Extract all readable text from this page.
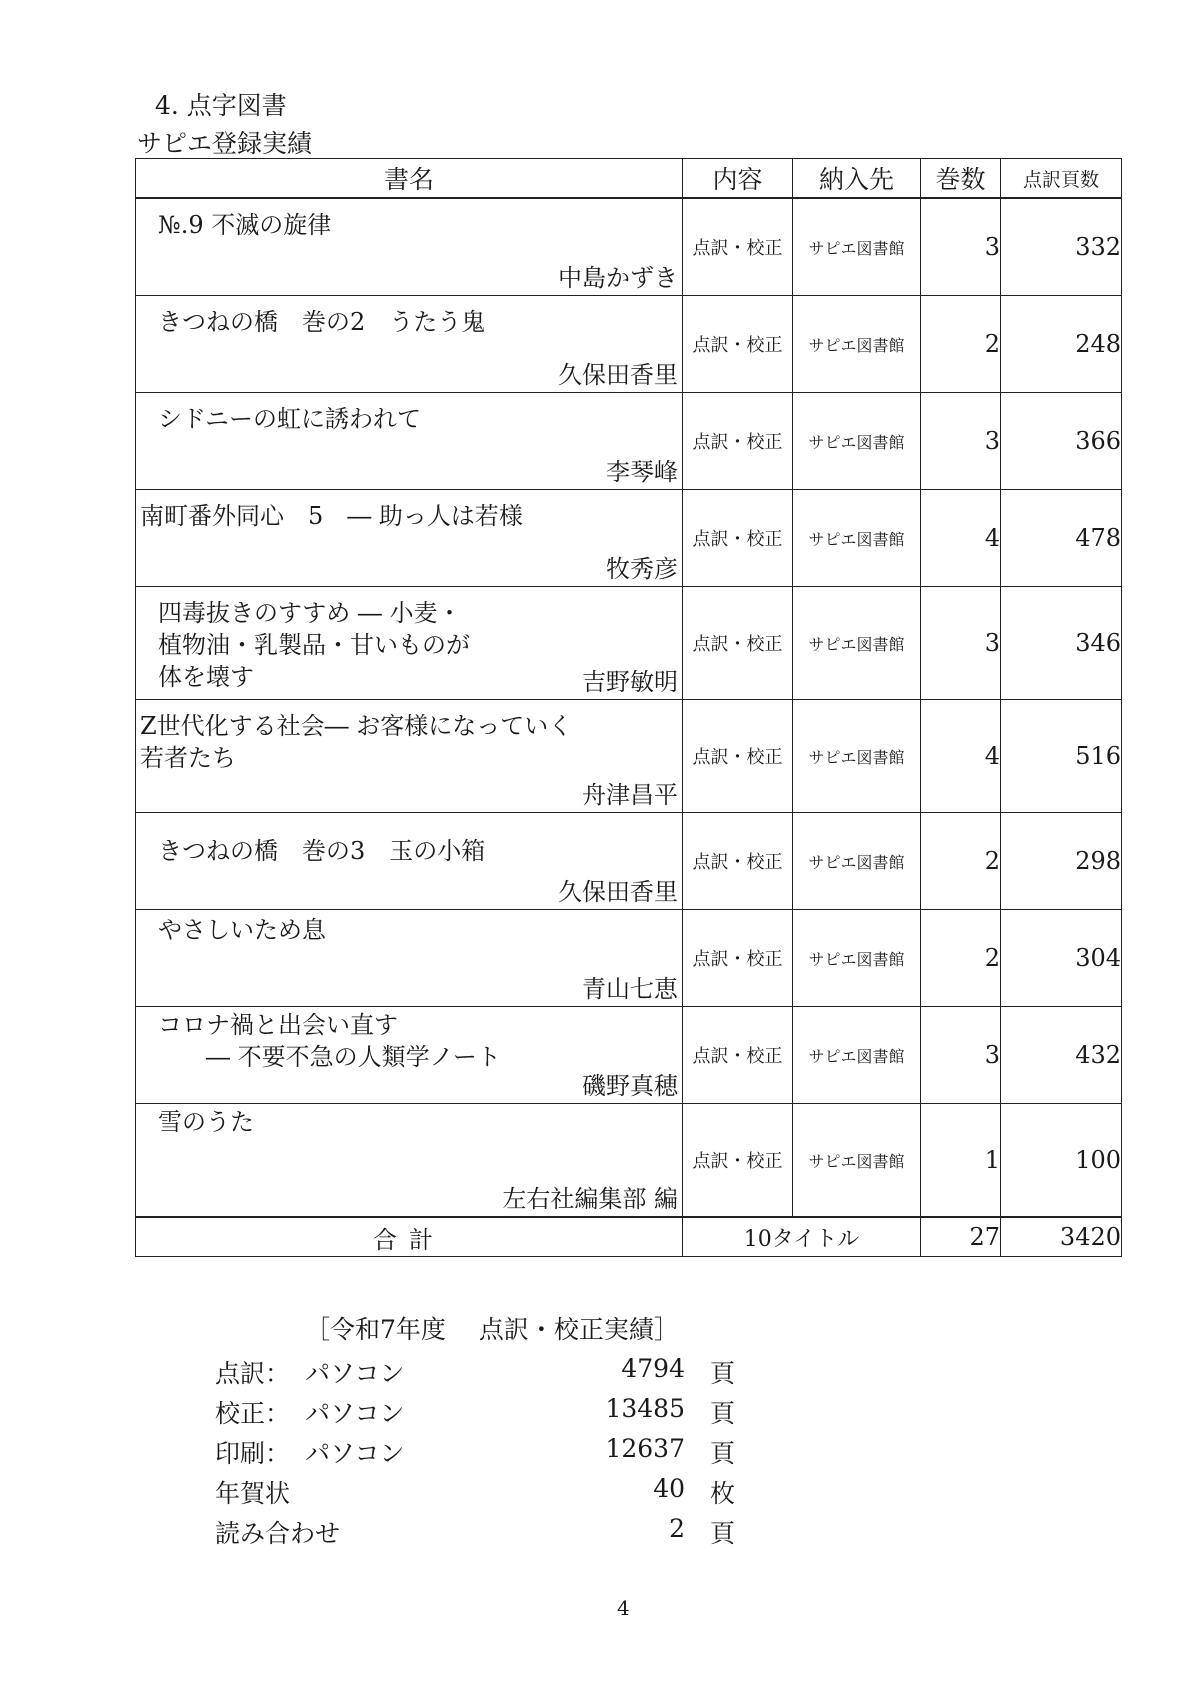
4. 点字図書
サピエ登録実績
書名	内容	納入先	巻数	点訳頁数

№.9 不滅の旋律
中島かずき	点訳・校正	サピエ図書館	3	332

きつねの橋　巻の2　うたう鬼
久保田香里	点訳・校正	サピエ図書館	2	248

シドニーの虹に誘われて
李琴峰	点訳・校正	サピエ図書館	3	366

南町番外同心　5　― 助っ人は若様
牧秀彦	点訳・校正	サピエ図書館	4	478

四毒抜きのすすめ ― 小麦・
植物油・乳製品・甘いものが
体を壊す 吉野敏明	点訳・校正	サピエ図書館	3	346

Z世代化する社会― お客様になっていく
若者たち
舟津昌平	点訳・校正	サピエ図書館	4	516

きつねの橋　巻の3　玉の小箱
久保田香里	点訳・校正	サピエ図書館	2	298

やさしいため息
青山七恵	点訳・校正	サピエ図書館	2	304

コロナ禍と出会い直す
　　― 不要不急の人類学ノート
磯野真穂	点訳・校正	サピエ図書館	3	432

雪のうた
左右社編集部 編	点訳・校正	サピエ図書館	1	100
合計	10タイトル		27	3420
［令和7年度　 点訳・校正実績］
点訳： パソコン	4794 頁
校正： パソコン	13485 頁
印刷： パソコン	12637 頁
年賀状	40 枚
読み合わせ	2 頁
4
